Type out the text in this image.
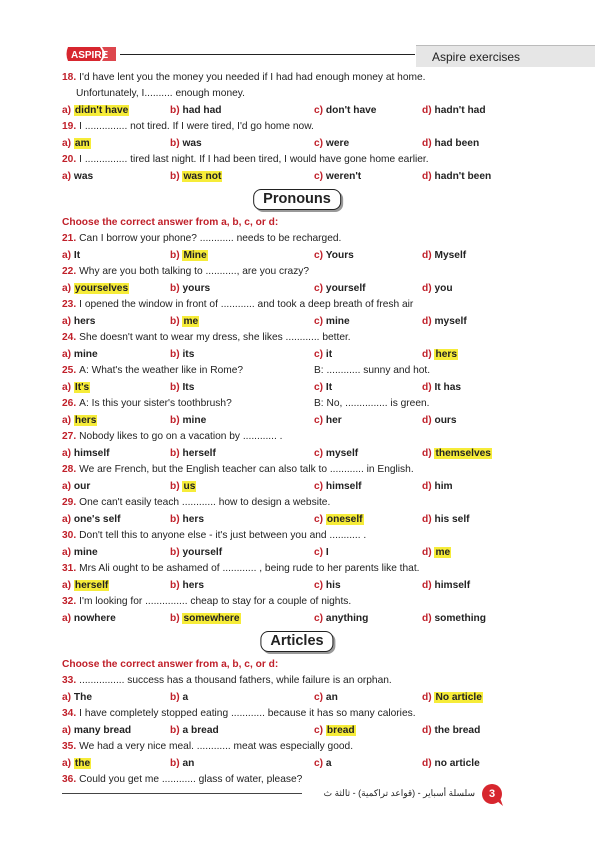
ASPIRE	Aspire exercises
18. I'd have lent you the money you needed if I had had enough money at home.
Unfortunately, I.......... enough money.
a) didn't have	b) had had	c) don't have	d) hadn't had
19. I ............... not tired. If I were tired, I'd go home now.
a) am	b) was	c) were	d) had been
20. I ............... tired last night. If I had been tired, I would have gone home earlier.
a) was	b) was not	c) weren't	d) hadn't been
Pronouns
Choose the correct answer from a, b, c, or d:
21. Can I borrow your phone? ............ needs to be recharged.
a) It	b) Mine	c) Yours	d) Myself
22. Why are you both talking to ..........., are you crazy?
a) yourselves	b) yours	c) yourself	d) you
23. I opened the window in front of ............ and took a deep breath of fresh air
a) hers	b) me	c) mine	d) myself
24. She doesn't want to wear my dress, she likes ............ better.
a) mine	b) its	c) it	d) hers
25. A: What's the weather like in Rome?	B: ............ sunny and hot.
a) It's	b) Its	c) It	d) It has
26. A: Is this your sister's toothbrush?	B: No, ............... is green.
a) hers	b) mine	c) her	d) ours
27. Nobody likes to go on a vacation by ............ .
a) himself	b) herself	c) myself	d) themselves
28. We are French, but the English teacher can also talk to ............ in English.
a) our	b) us	c) himself	d) him
29. One can't easily teach ............ how to design a website.
a) one's self	b) hers	c) oneself	d) his self
30. Don't tell this to anyone else - it's just between you and ........... .
a) mine	b) yourself	c) I	d) me
31. Mrs Ali ought to be ashamed of ............ , being rude to her parents like that.
a) herself	b) hers	c) his	d) himself
32. I'm looking for ............... cheap to stay for a couple of nights.
a) nowhere	b) somewhere	c) anything	d) something
Articles
Choose the correct answer from a, b, c, or d:
33. ................ success has a thousand fathers, while failure is an orphan.
a) The	b) a	c) an	d) No article
34. I have completely stopped eating ............ because it has so many calories.
a) many bread	b) a bread	c) bread	d) the bread
35. We had a very nice meal. ............ meat was especially good.
a) the	b) an	c) a	d) no article
36. Could you get me ............ glass of water, please?
سلسلة أسباير - (قواعد تراكمية) - ثالثة ث	3
